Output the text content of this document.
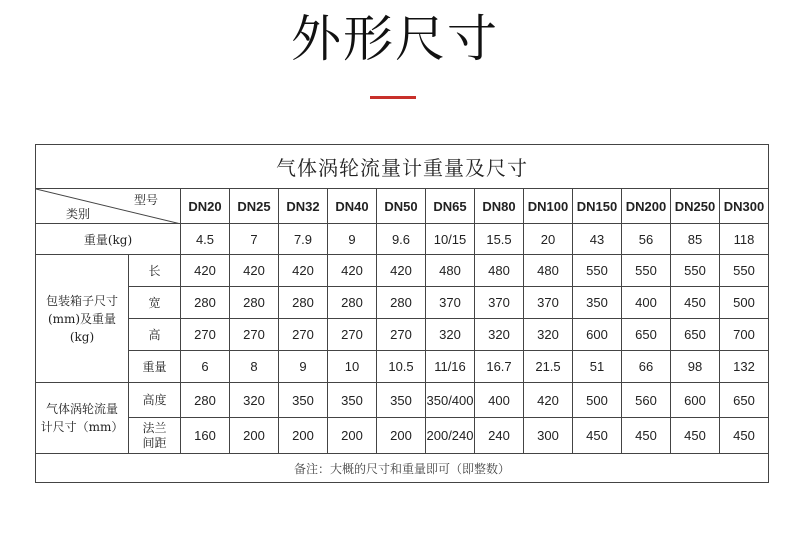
外形尺寸
气体涡轮流量计重量及尺寸													

型号
类别		DN20	DN25	DN32	DN40	DN50	DN65	DN80	DN100	DN150	DN200	DN250	DN300
重量(kg)		4.5	7	7.9	9	9.6	10/15	15.5	20	43	56	85	118

包装箱子尺寸
(mm)及重量
(kg)	长	420	420	420	420	420	480	480	480	550	550	550	550
	宽	280	280	280	280	280	370	370	370	350	400	450	500
	高	270	270	270	270	270	320	320	320	600	650	650	700
	重量	6	8	9	10	10.5	11/16	16.7	21.5	51	66	98	132

气体涡轮流量
计尺寸（mm）	高度	280	320	350	350	350	350/400	400	420	500	560	600	650

	法兰
间距	160	200	200	200	200	200/240	240	300	450	450	450	450
备注：大概的尺寸和重量即可（即整数）													
